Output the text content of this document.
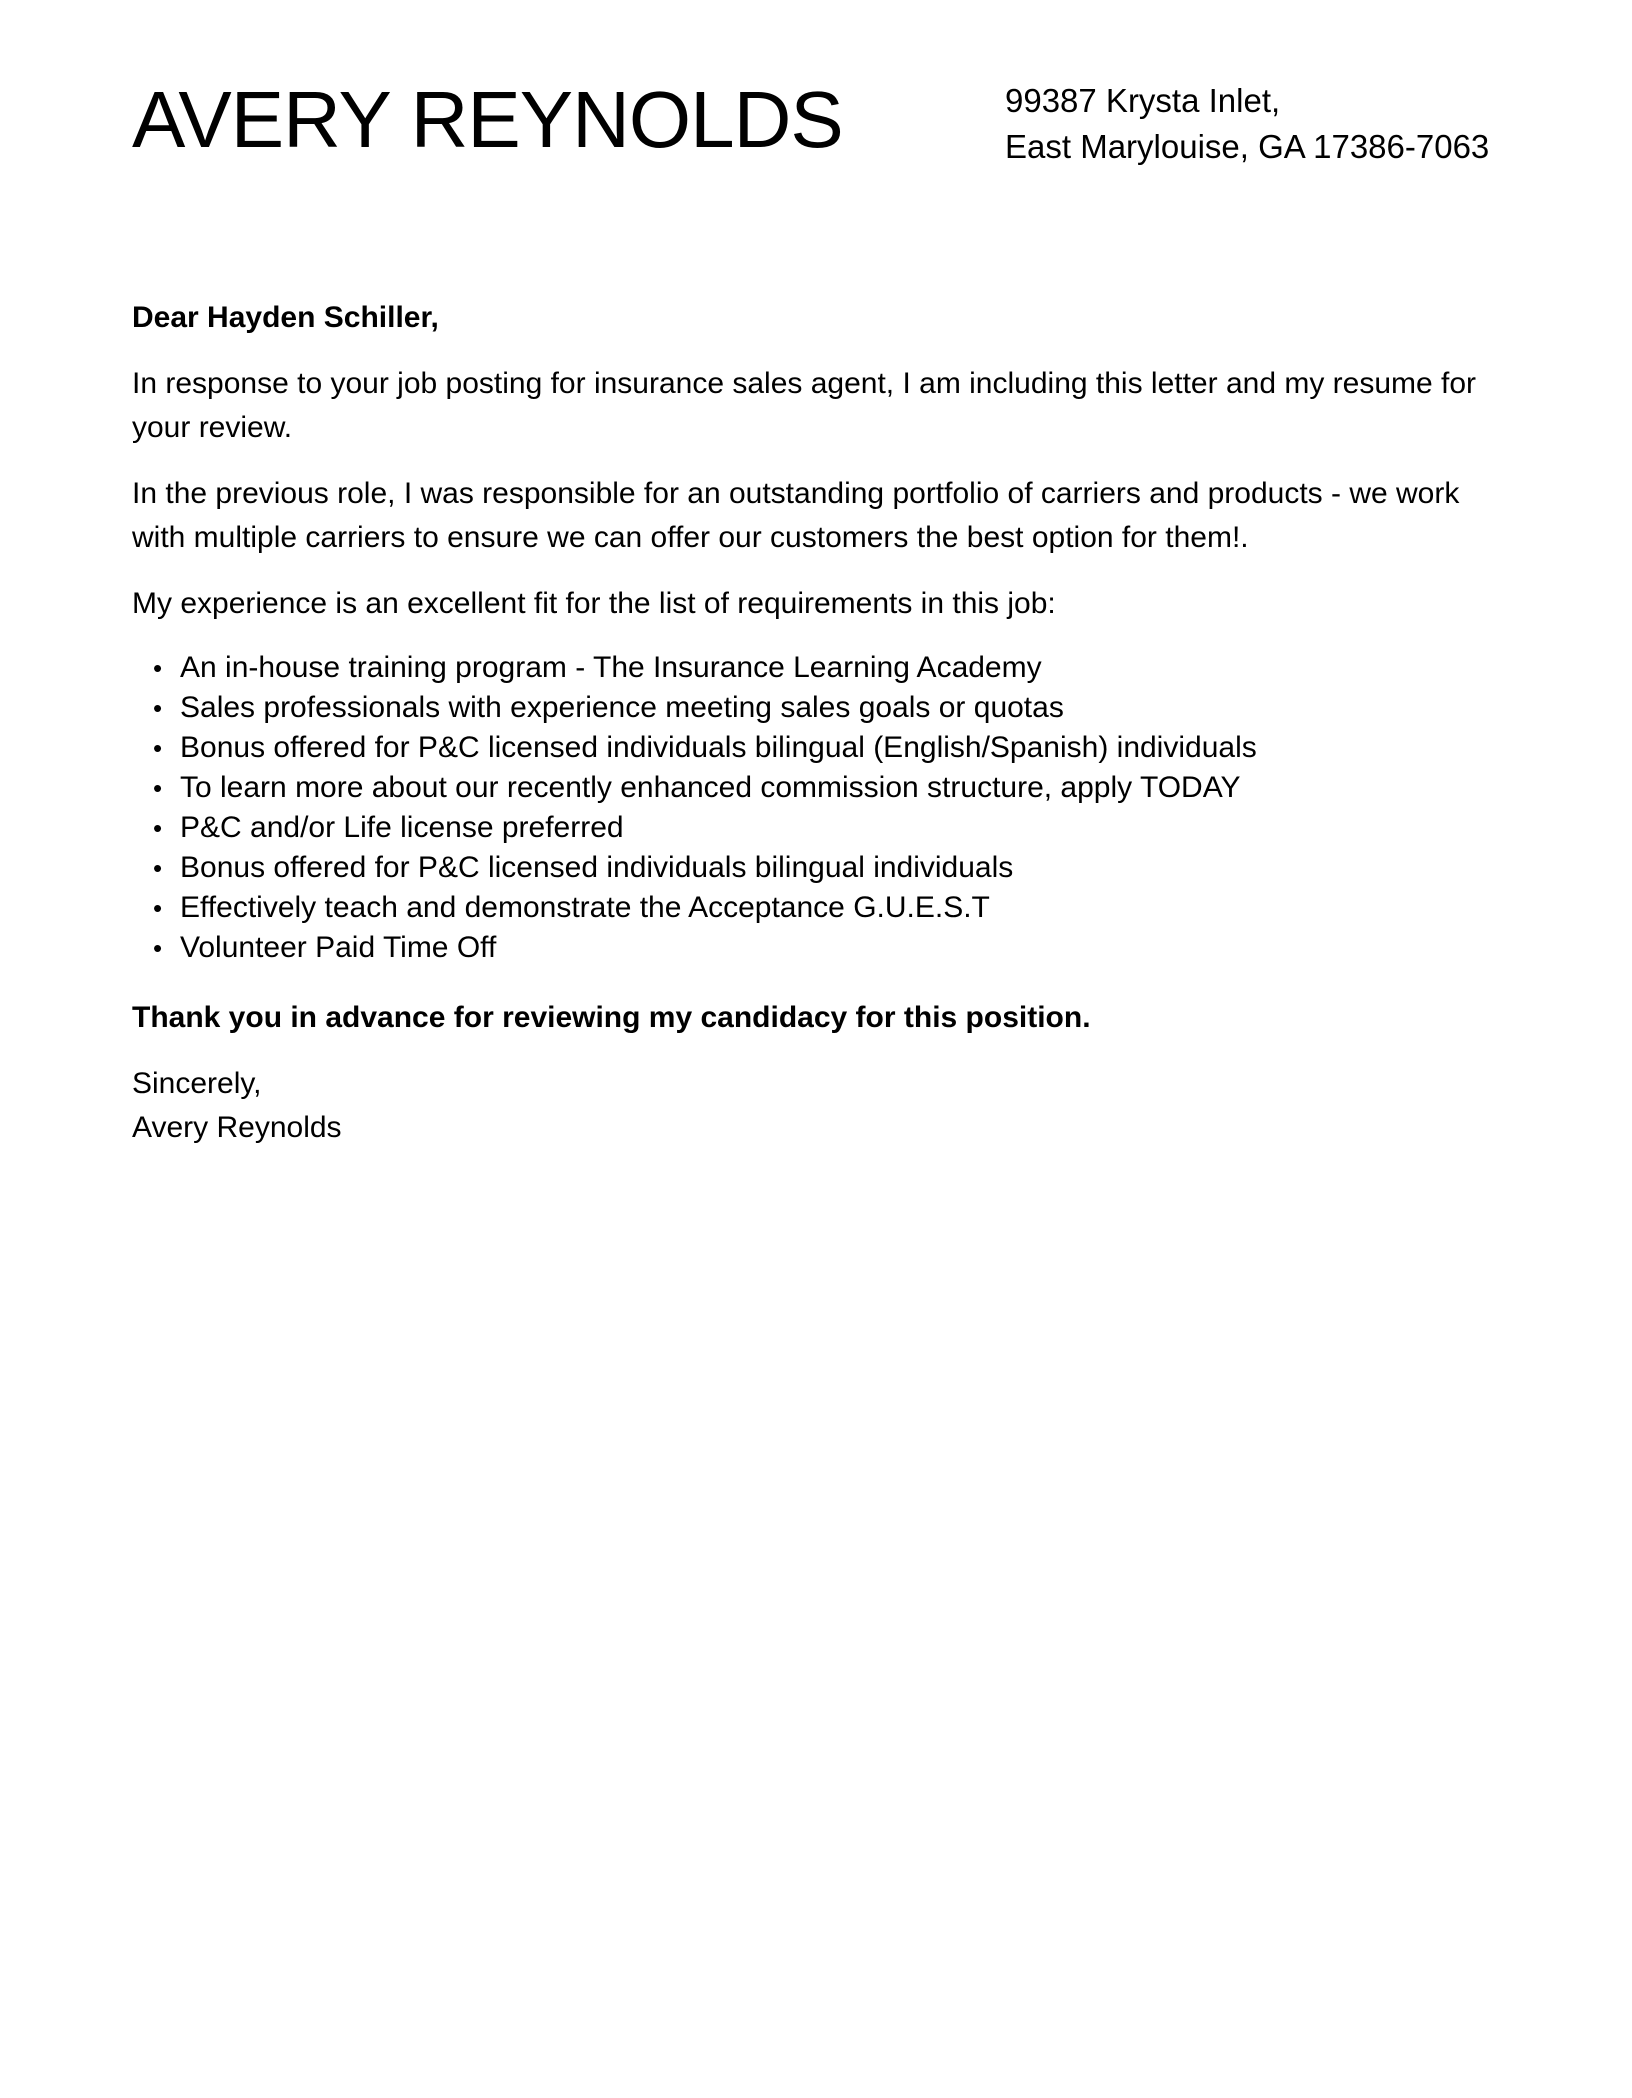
AVERY REYNOLDS	99387 Krysta Inlet,
East Marylouise, GA 17386-7063

Dear Hayden Schiller,

In response to your job posting for insurance sales agent, I am including this letter and my resume for your review.

In the previous role, I was responsible for an outstanding portfolio of carriers and products - we work with multiple carriers to ensure we can offer our customers the best option for them!.

My experience is an excellent fit for the list of requirements in this job:

• An in-house training program - The Insurance Learning Academy
• Sales professionals with experience meeting sales goals or quotas
• Bonus offered for P&C licensed individuals bilingual (English/Spanish) individuals
• To learn more about our recently enhanced commission structure, apply TODAY
• P&C and/or Life license preferred
• Bonus offered for P&C licensed individuals bilingual individuals
• Effectively teach and demonstrate the Acceptance G.U.E.S.T
• Volunteer Paid Time Off

Thank you in advance for reviewing my candidacy for this position.

Sincerely,
Avery Reynolds
